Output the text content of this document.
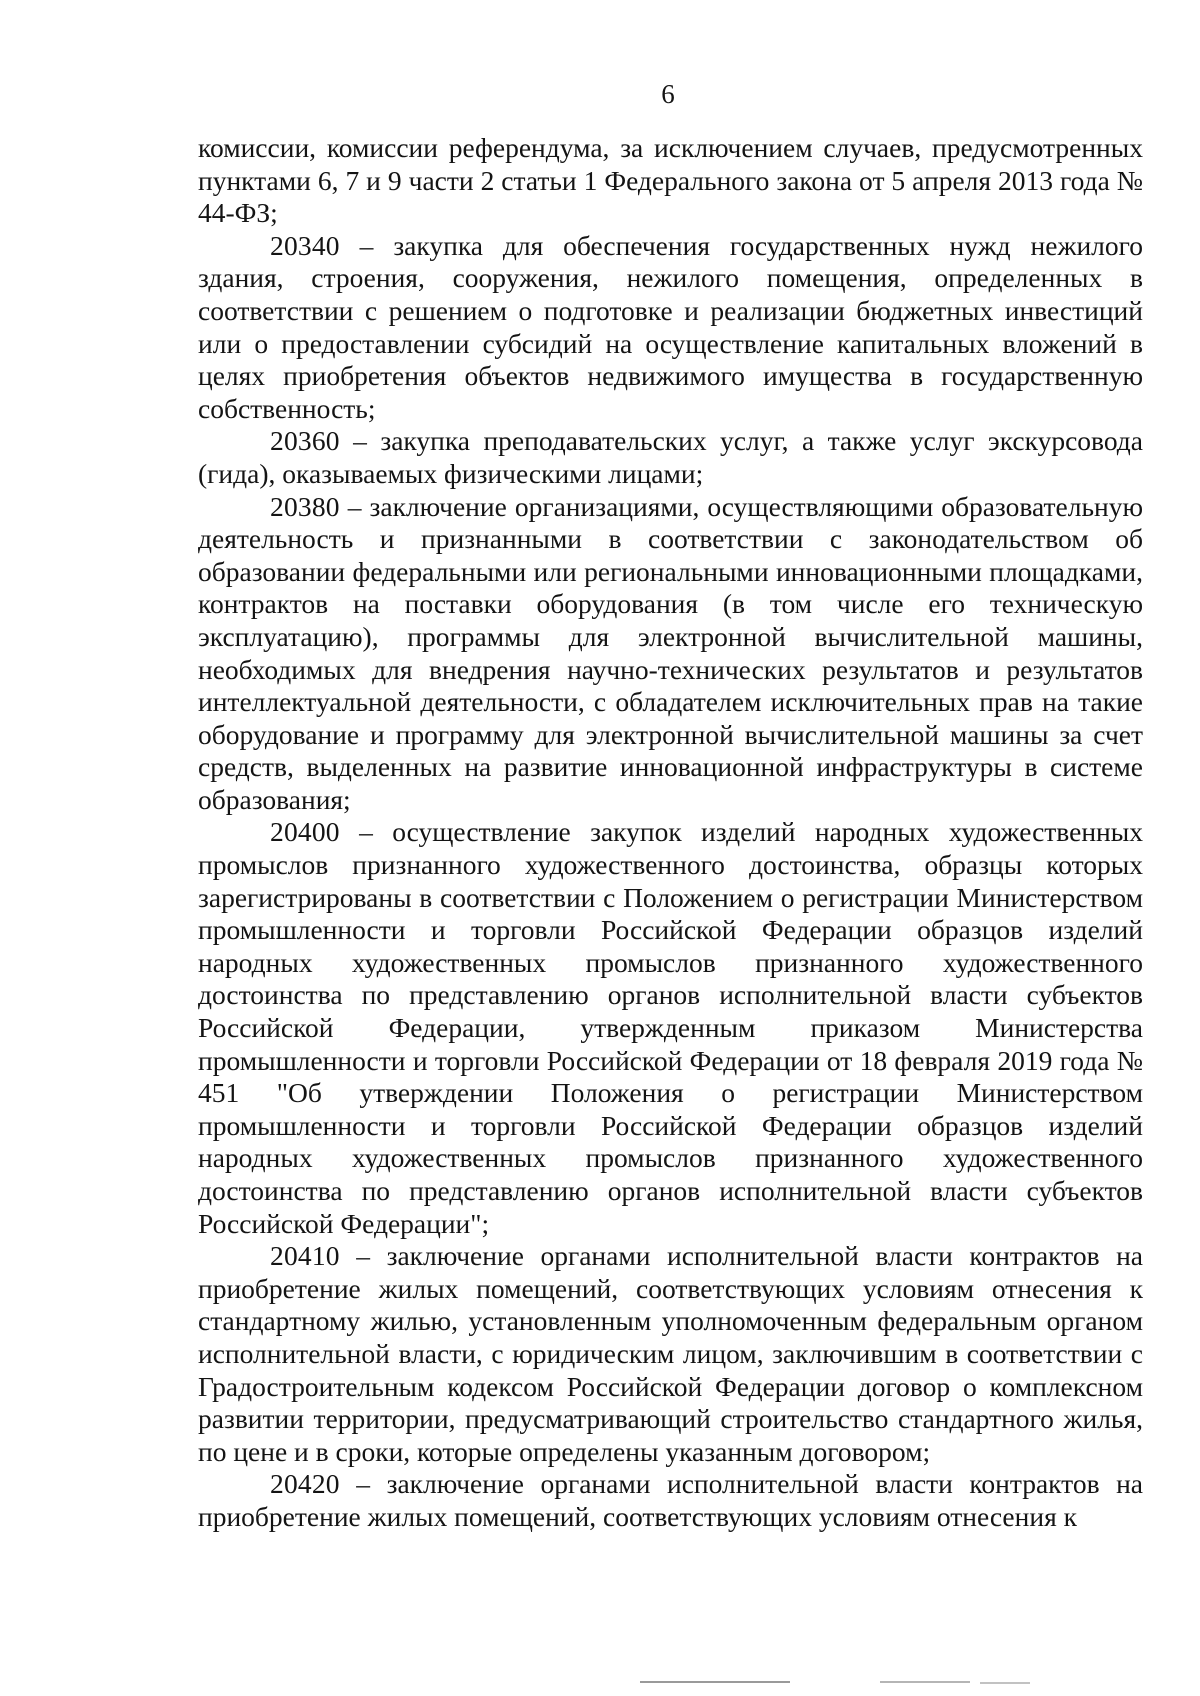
6

комиссии, комиссии референдума, за исключением случаев, предусмотренных пунктами 6, 7 и 9 части 2 статьи 1 Федерального закона от 5 апреля 2013 года № 44-ФЗ;

20340 – закупка для обеспечения государственных нужд нежилого здания, строения, сооружения, нежилого помещения, определенных в соответствии с решением о подготовке и реализации бюджетных инвестиций или о предоставлении субсидий на осуществление капитальных вложений в целях приобретения объектов недвижимого имущества в государственную собственность;

20360 – закупка преподавательских услуг, а также услуг экскурсовода (гида), оказываемых физическими лицами;

20380 – заключение организациями, осуществляющими образовательную деятельность и признанными в соответствии с законодательством об образовании федеральными или региональными инновационными площадками, контрактов на поставки оборудования (в том числе его техническую эксплуатацию), программы для электронной вычислительной машины, необходимых для внедрения научно-технических результатов и результатов интеллектуальной деятельности, с обладателем исключительных прав на такие оборудование и программу для электронной вычислительной машины за счет средств, выделенных на развитие инновационной инфраструктуры в системе образования;

20400 – осуществление закупок изделий народных художественных промыслов признанного художественного достоинства, образцы которых зарегистрированы в соответствии с Положением о регистрации Министерством промышленности и торговли Российской Федерации образцов изделий народных художественных промыслов признанного художественного достоинства по представлению органов исполнительной власти субъектов Российской Федерации, утвержденным приказом Министерства промышленности и торговли Российской Федерации от 18 февраля 2019 года № 451 "Об утверждении Положения о регистрации Министерством промышленности и торговли Российской Федерации образцов изделий народных художественных промыслов признанного художественного достоинства по представлению органов исполнительной власти субъектов Российской Федерации";

20410 – заключение органами исполнительной власти контрактов на приобретение жилых помещений, соответствующих условиям отнесения к стандартному жилью, установленным уполномоченным федеральным органом исполнительной власти, с юридическим лицом, заключившим в соответствии с Градостроительным кодексом Российской Федерации договор о комплексном развитии территории, предусматривающий строительство стандартного жилья, по цене и в сроки, которые определены указанным договором;

20420 – заключение органами исполнительной власти контрактов на приобретение жилых помещений, соответствующих условиям отнесения к
